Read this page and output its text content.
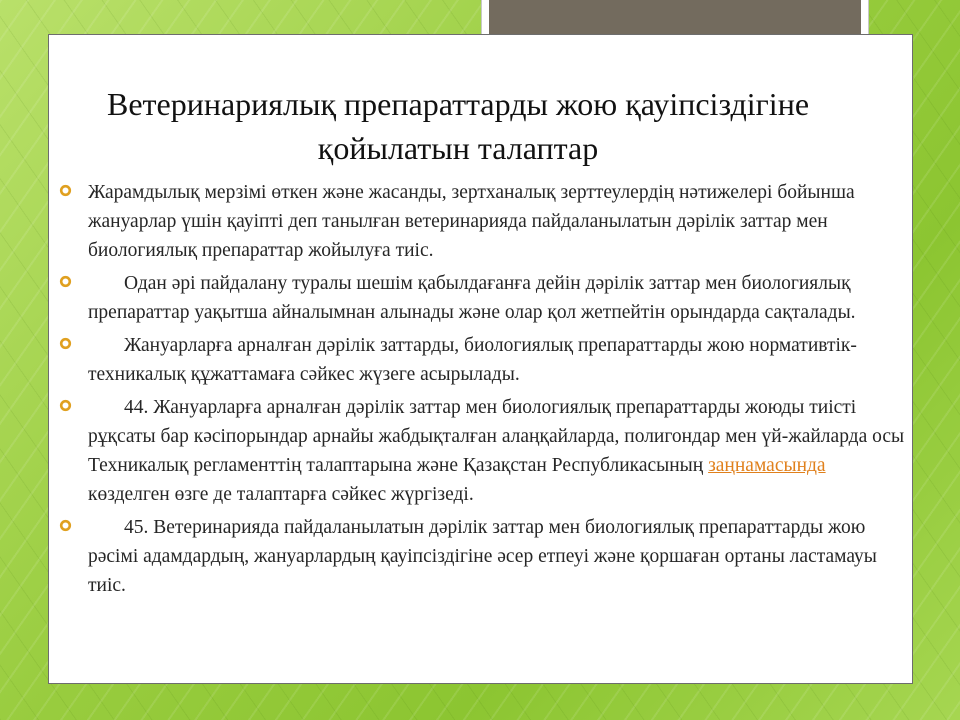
Ветеринариялық препараттарды жою қауіпсіздігіне
қойылатын талаптар
Жарамдылық мерзімі өткен және жасанды, зертханалық зерттеулердің нәтижелері бойынша жануарлар үшін қауіпті деп танылған ветеринарияда пайдаланылатын дәрілік заттар мен биологиялық препараттар жойылуға тиіс.
Одан әрі пайдалану туралы шешім қабылдағанға дейін дәрілік заттар мен биологиялық препараттар уақытша айналымнан алынады және олар қол жетпейтін орындарда сақталады.
Жануарларға арналған дәрілік заттарды, биологиялық препараттарды жою нормативтік-техникалық құжаттамаға сәйкес жүзеге асырылады.
44. Жануарларға арналған дәрілік заттар мен биологиялық препараттарды жоюды тиісті рұқсаты бар кәсіпорындар арнайы жабдықталған алаңқайларда, полигондар мен үй-жайларда осы Техникалық регламенттің талаптарына және Қазақстан Республикасының заңнамасында көзделген өзге де талаптарға сәйкес жүргізеді.
45. Ветеринарияда пайдаланылатын дәрілік заттар мен биологиялық препараттарды жою рәсімі адамдардың, жануарлардың қауіпсіздігіне әсер етпеуі және қоршаған ортаны ластамауы тиіс.
